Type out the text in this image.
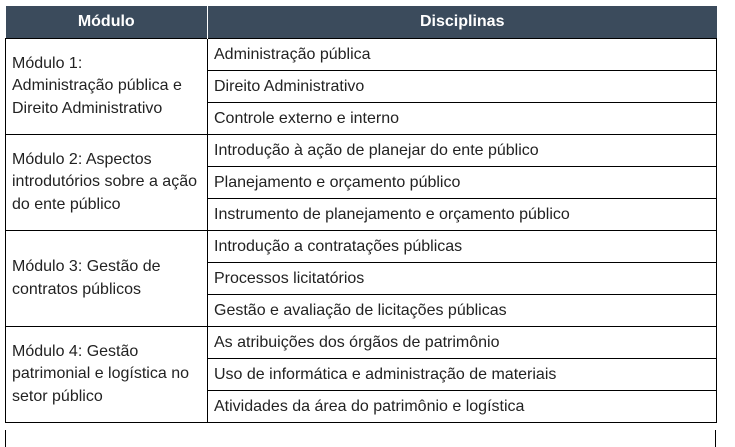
Módulo	Disciplinas
Módulo 1:
Administração pública e Direito Administrativo	Administração pública
	Direito Administrativo
	Controle externo e interno
Módulo 2: Aspectos introdutórios sobre a ação do ente público	Introdução à ação de planejar do ente público
	Planejamento e orçamento público
	Instrumento de planejamento e orçamento público
Módulo 3: Gestão de contratos públicos	Introdução a contratações públicas
	Processos licitatórios
	Gestão e avaliação de licitações públicas
Módulo 4: Gestão patrimonial e logística no setor público	As atribuições dos órgãos de patrimônio
	Uso de informática e administração de materiais
	Atividades da área do patrimônio e logística
